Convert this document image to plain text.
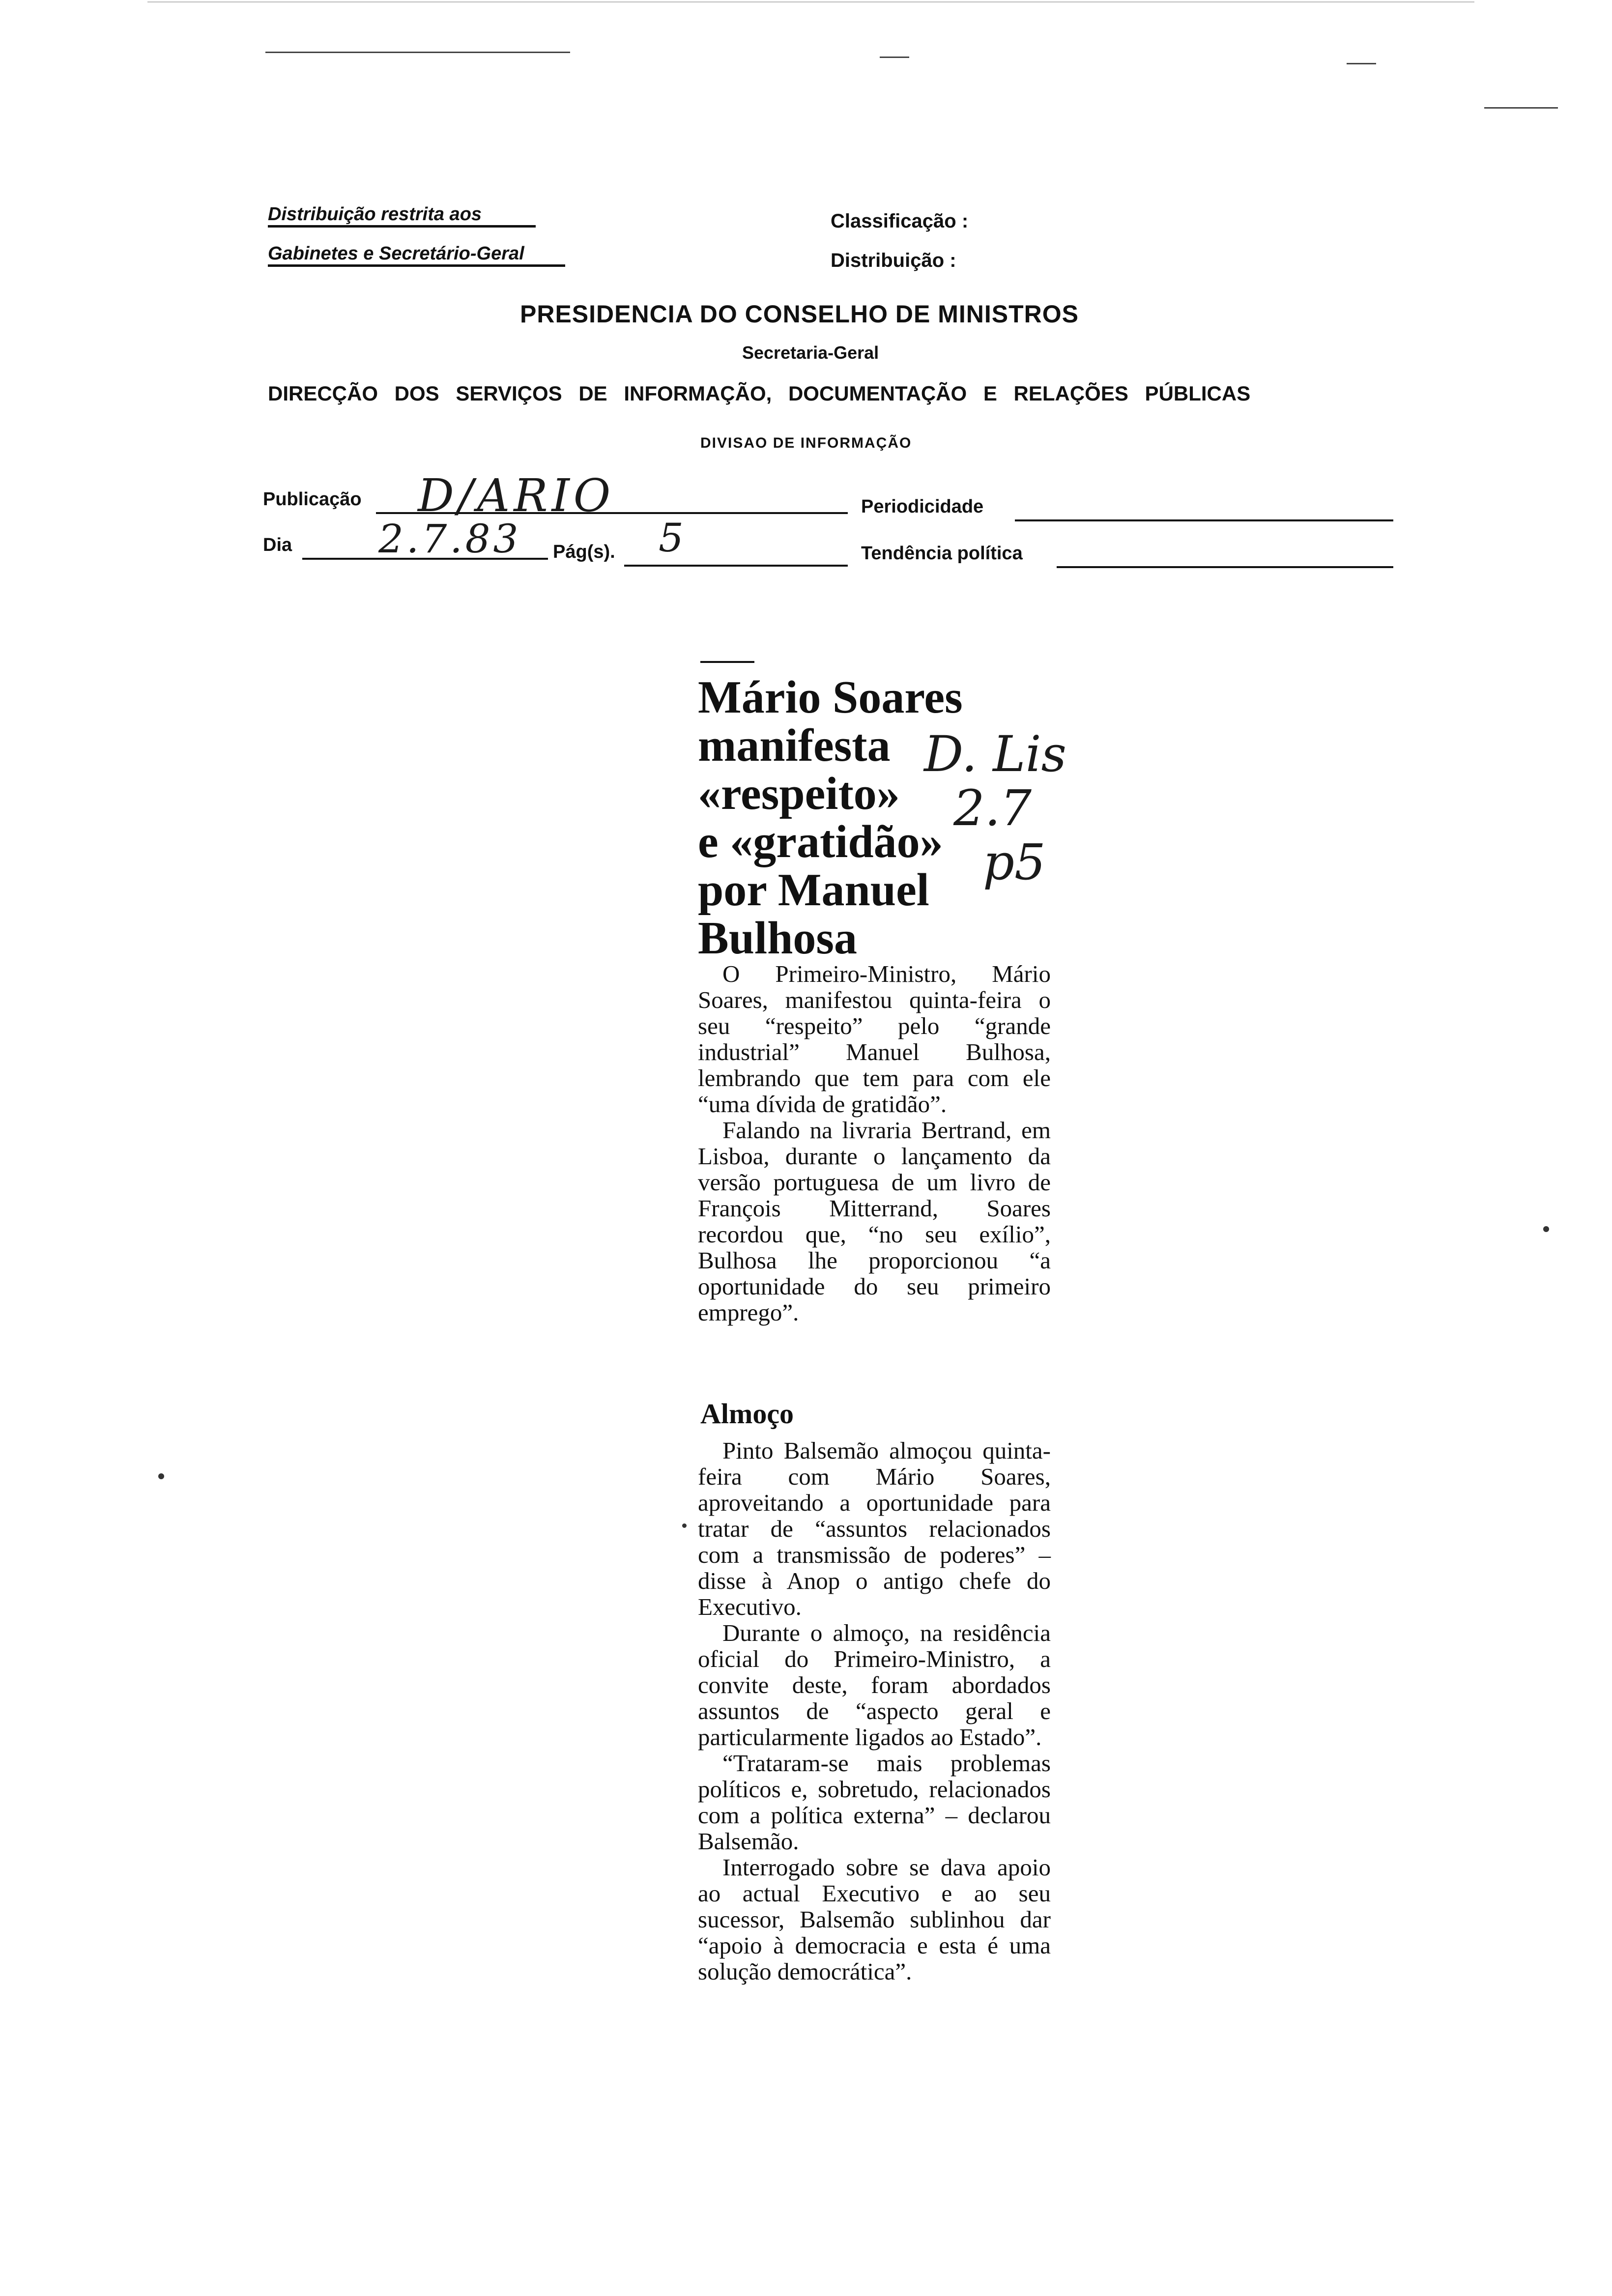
Distribuição restrita aos
Gabinetes e Secretário-Geral
Classificação :
Distribuição :
PRESIDENCIA DO CONSELHO DE MINISTROS
Secretaria-Geral
DIRECÇÃO DOS SERVIÇOS DE INFORMAÇÃO, DOCUMENTAÇÃO E RELAÇÕES PÚBLICAS
DIVISAO DE INFORMAÇÃO
Publicação D/ARIO	Periodicidade
Dia 2.7.83 Pág(s). 5	Tendência política
Mário Soares
manifesta
«respeito»
e «gratidão»
por Manuel
Bulhosa
D. Lis
2.7
p5

O Primeiro-Ministro, Mário Soares, manifestou quinta-feira o seu “respeito” pelo “grande industrial” Manuel Bulhosa, lembrando que tem para com ele “uma dívida de gratidão”.

Falando na livraria Bertrand, em Lisboa, durante o lançamento da versão portuguesa de um livro de François Mitterrand, Soares recordou que, “no seu exílio”, Bulhosa lhe proporcionou “a oportunidade do seu primeiro emprego”.

Almoço

Pinto Balsemão almoçou quinta-feira com Mário Soares, aproveitando a oportunidade para tratar de “assuntos relacionados com a transmissão de poderes” – disse à Anop o antigo chefe do Executivo.

Durante o almoço, na residência oficial do Primeiro-Ministro, a convite deste, foram abordados assuntos de “aspecto geral e particularmente ligados ao Estado”.

“Trataram-se mais problemas políticos e, sobretudo, relacionados com a política externa” – declarou Balsemão.

Interrogado sobre se dava apoio ao actual Executivo e ao seu sucessor, Balsemão sublinhou dar “apoio à democracia e esta é uma solução democrática”.
